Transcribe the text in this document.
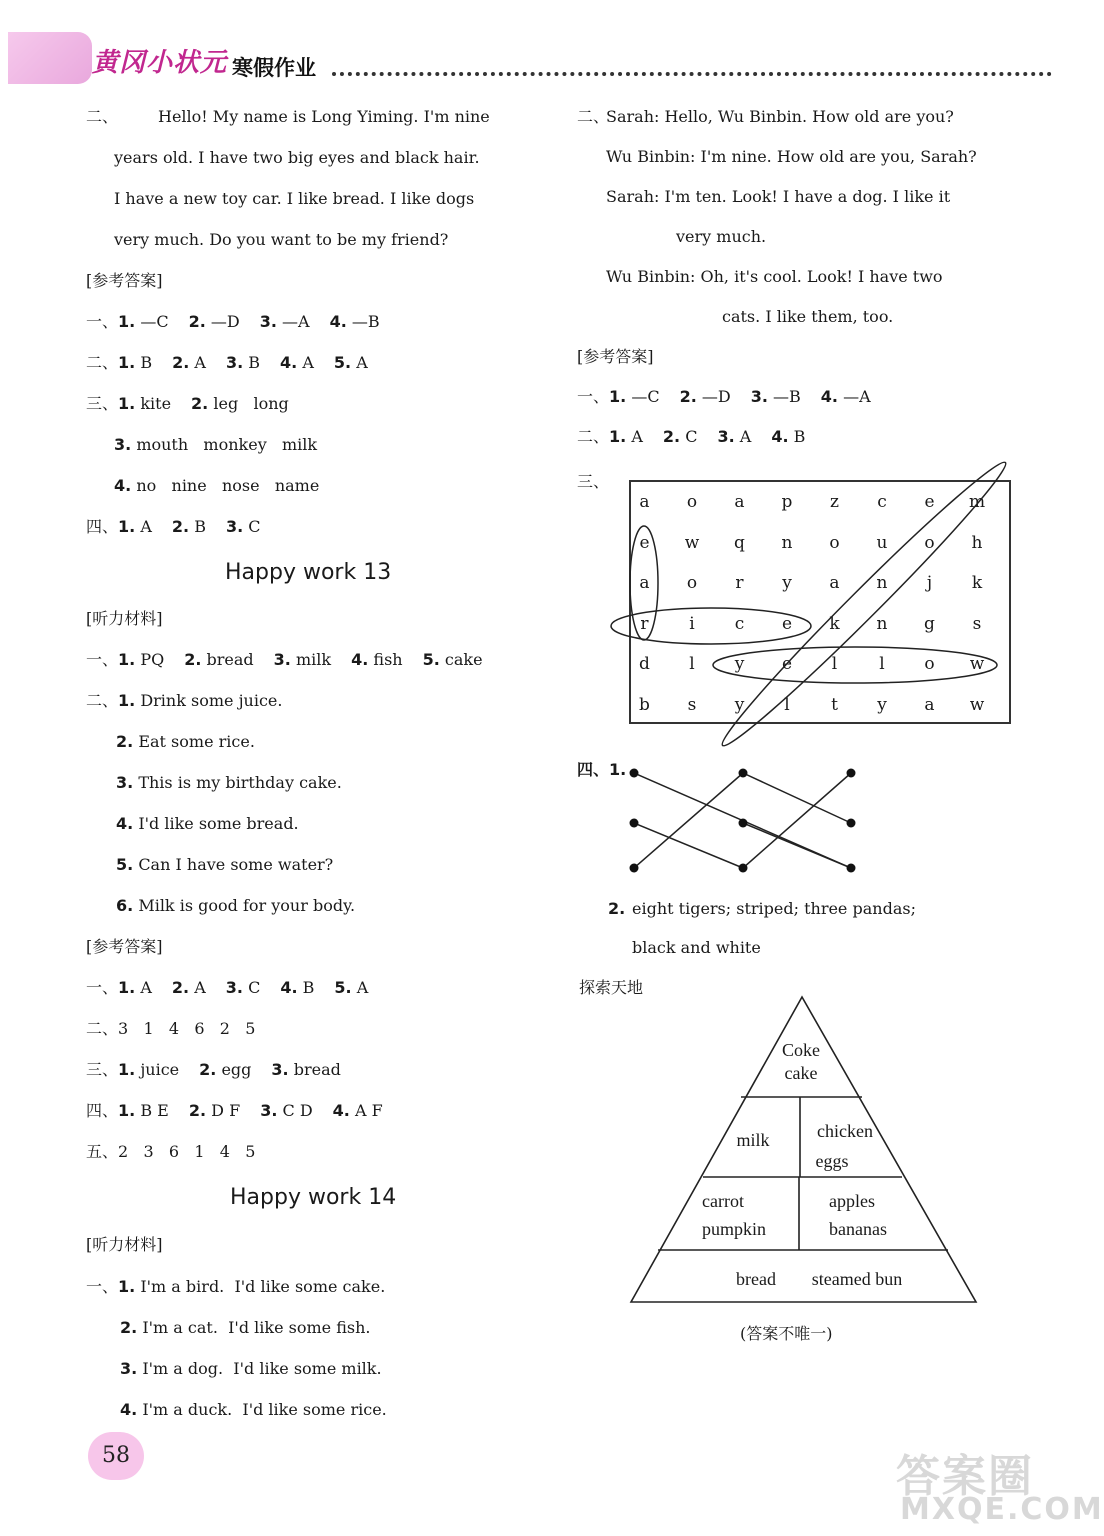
黄冈小状元 寒假作业
二、 Hello! My name is Long Yiming. I'm nine
years old. I have two big eyes and black hair.
I have a new toy car. I like bread. I like dogs
very much. Do you want to be my friend?
[参考答案]
一、1. —C 2. —D 3. —A 4. —B
二、1. B 2. A 3. B 4. A 5. A
三、1. kite 2. leg   long
3. mouth   monkey   milk
4. no   nine   nose   name
四、1. A 2. B 3. C
Happy work 13
[听力材料]
一、1. PQ 2. bread 3. milk 4. fish 5. cake
二、1. Drink some juice.
2. Eat some rice.
3. This is my birthday cake.
4. I'd like some bread.
5. Can I have some water?
6. Milk is good for your body.
[参考答案]
一、1. A 2. A 3. C 4. B 5. A
二、3   1   4   6   2   5
三、1. juice 2. egg 3. bread
四、1. B E 2. D F 3. C D 4. A F
五、2   3   6   1   4   5
Happy work 14
[听力材料]
一、1. I'm a bird.  I'd like some cake.
2. I'm a cat.  I'd like some fish.
3. I'm a dog.  I'd like some milk.
4. I'm a duck.  I'd like some rice.
二、
Sarah: Hello, Wu Binbin. How old are you?
Wu Binbin: I'm nine. How old are you, Sarah?
Sarah: I'm ten. Look! I have a dog. I like it
very much.
Wu Binbin: Oh, it's cool. Look! I have two
cats. I like them, too.
[参考答案]
一、1. —C 2. —D 3. —B 4. —A
二、1. A 2. C 3. A 4. B
三、
a	o	a	p	z	c	e	m
e	w	q	n	o	u	o	h
a	o	r	y	a	n	j	k
r	i	c	e	k	n	g	s
d	l	y	e	l	l	o	w
b	s	y	l	t	y	a	w
四、1.
2. eight tigers; striped; three pandas;
black and white
探索天地
Coke
cake
milk	chicken
eggs
carrot
pumpkin
apples
bananas
bread	steamed bun
(答案不唯一)
58	答案圈
MXQE.COM
